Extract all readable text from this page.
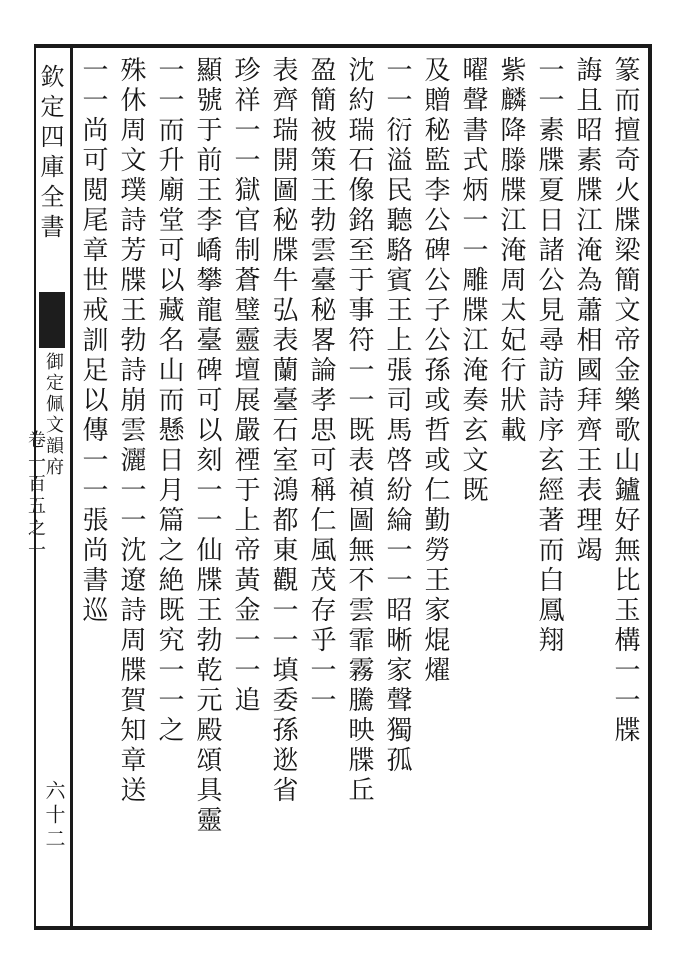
欽定四庫全書
御定佩文韻府
卷一百五之一
六十二
篆而擅奇火牒梁簡文帝金樂歌山鑪好無比玉構一一牒
誨且昭素牒江淹為蕭相國拜齊王表理竭
一一素牒夏日諸公見尋訪詩序玄經著而白鳳翔
紫麟降滕牒江淹周太妃行狀載
曜聲書式炳一一雕牒江淹奏玄文既
及贈秘監李公碑公子公孫或哲或仁勤勞王家焜燿
一一衍溢民聽駱賓王上張司馬啓紛綸一一昭晰家聲獨孤
沈約瑞石像銘至于事符一一既表禎圖無不雲霏霧騰映牒丘
盈簡被策王勃雲臺秘畧論孝思可稱仁風茂存乎一一
表齊瑞開圖秘牒牛弘表蘭臺石室鴻都東觀一一填委孫逖省
珍祥一一獄官制蒼璧靈壇展嚴禋于上帝黃金一一追
顯號于前王李嶠攀龍臺碑可以刻一一仙牒王勃乾元殿頌具靈
一一而升廟堂可以藏名山而懸日月篇之絶既究一一之
殊休周文璞詩芳牒王勃詩崩雲灑一一沈遼詩周牒賀知章送
一一尚可閲尾章世戒訓足以傳一一張尚書巡
